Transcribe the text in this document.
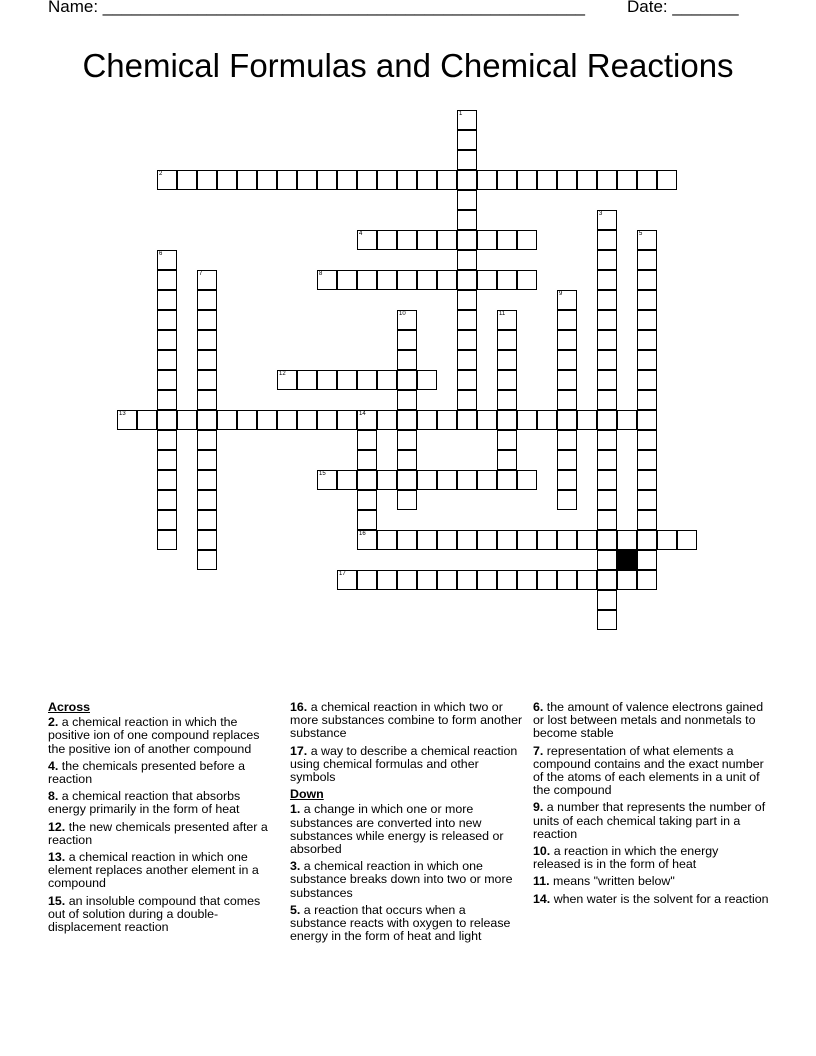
Name: ___________________________________________________ Date: _______
Chemical Formulas and Chemical Reactions
2
4
8
12
13	14
15
16
17
1
3
5
6
7
9
10	11

Across

2. a chemical reaction in which the positive ion of one compound replaces the positive ion of another compound

4. the chemicals presented before a reaction

8. a chemical reaction that absorbs energy primarily in the form of heat

12. the new chemicals presented after a reaction

13. a chemical reaction in which one element replaces another element in a compound

15. an insoluble compound that comes out of solution during a double-displacement reaction

16. a chemical reaction in which two or more substances combine to form another substance

17. a way to describe a chemical reaction using chemical formulas and other symbols

Down

1. a change in which one or more substances are converted into new substances while energy is released or absorbed

3. a chemical reaction in which one substance breaks down into two or more substances

5. a reaction that occurs when a substance reacts with oxygen to release energy in the form of heat and light

6. the amount of valence electrons gained or lost between metals and nonmetals to become stable

7. representation of what elements a compound contains and the exact number of the atoms of each elements in a unit of the compound

9. a number that represents the number of units of each chemical taking part in a reaction

10. a reaction in which the energy released is in the form of heat

11. means "written below"

14. when water is the solvent for a reaction
